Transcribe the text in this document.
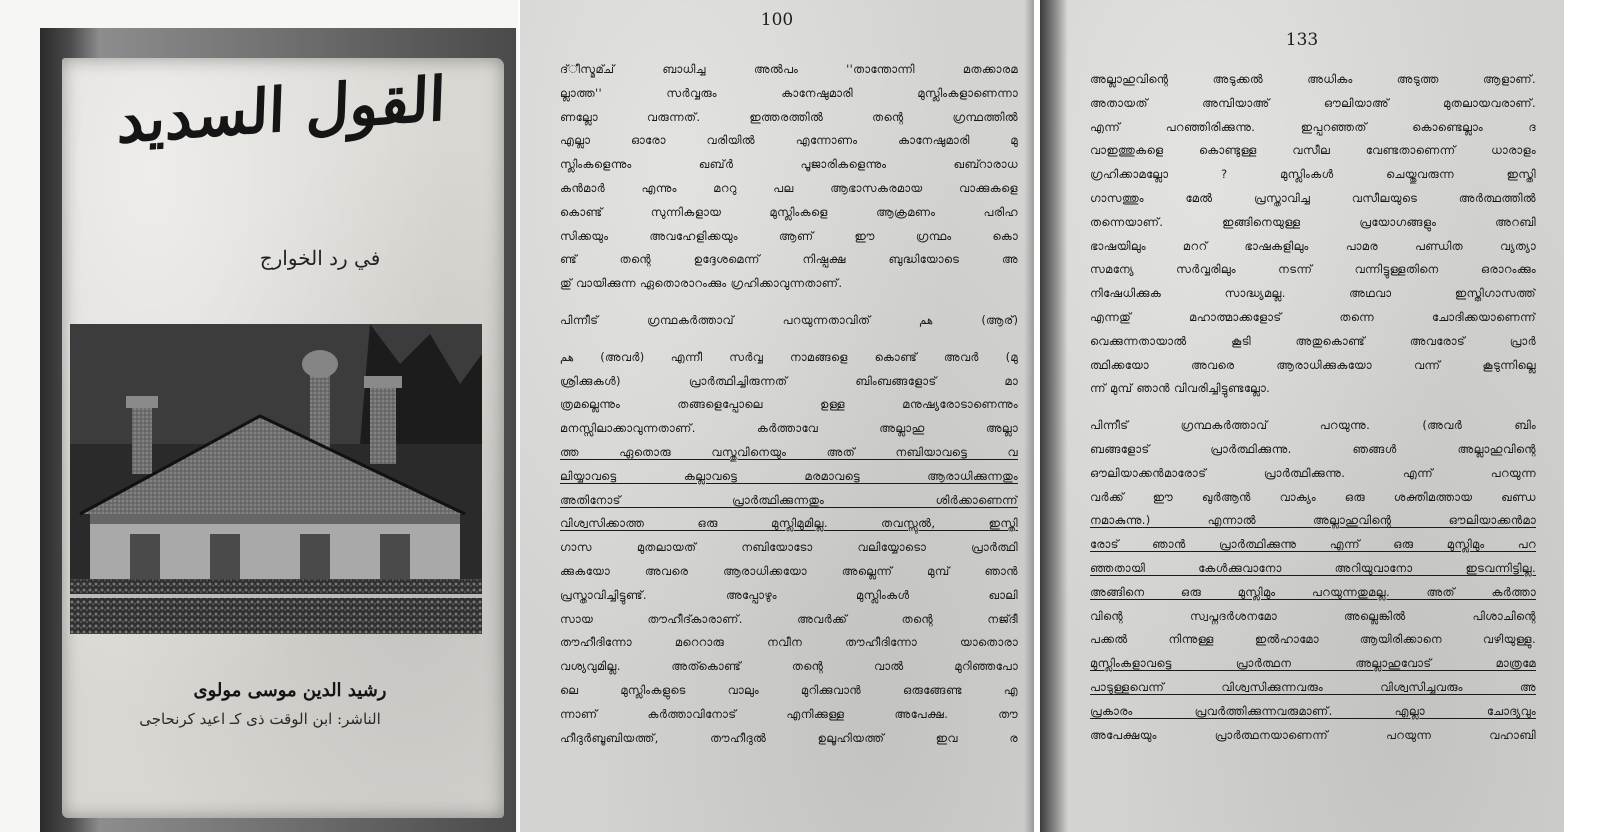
القول السديد
في رد الخوارج
رشيد الدين موسى مولوى
الناشر: ابن الوقت ذى كـ اعيد كرنحاجى
100
ദ്ീസ്മമ്ച് ബാധിച്ച അൽപം ''താന്തോന്നി മതക്കാരമ
ല്ലാത്ത'' സർവ്വരും കാനേഷുമാരി മുസ്ലിംകളാണെന്നാ
ണല്ലോ വരുന്നത്. ഇത്തരത്തിൽ തന്റെ ഗ്രന്ഥത്തിൽ
എല്ലാ ഓരോ വരിയിൽ എന്നോണം കാനേഷുമാരി മു
സ്ലിംകളെന്നും ഖബ്ർ പൂജാരികളെന്നും ഖബ്റാരാധ
കൻമാർ എന്നും മററു പല ആഭാസകരമായ വാക്കുകളെ
കൊണ്ട് സുന്നികളായ മുസ്ലിംകളെ ആക്രമണം പരിഹ
സിക്കയും അവഹേളിക്കയും ആണ് ഈ ഗ്രന്ഥം കൊ
ണ്ട് തന്റെ ഉദ്ദേശമെന്ന് നിഷ്പക്ഷ ബുദ്ധിയോടെ അ
തു് വായിക്കുന്ന ഏതൊരാറംക്കും ഗ്രഹിക്കാവുന്നതാണ്.
പിന്നീട് ഗ്രന്ഥകർത്താവ് പറയുന്നതാവിത് هم (ആര്)
هم (അവർ) എന്നീ സർവ്വ നാമങ്ങളെ കൊണ്ട് അവർ (മു
ശ്രിക്കുകൾ) പ്രാർത്ഥിച്ചിരുന്നത് ബിംബങ്ങളോട് മാ
ത്രമല്ലെന്നും തങ്ങളെപ്പോലെ ഉള്ള മനുഷ്യരോടാണെന്നും
മനസ്സിലാക്കാവുന്നതാണ്. കർത്താവേ അല്ലാഹു അല്ലാ
ത്ത ഏതൊരു വസ്തുവിനെയും അത് നബിയാവട്ടെ വ
ലിയ്യാവട്ടെ കല്ലാവട്ടെ മരമാവട്ടെ ആരാധിക്കുന്നതും
അതിനോട് പ്രാർത്ഥിക്കുന്നതും ശിർക്കാണെന്ന്
വിശ്വസിക്കാത്ത ഒരു മുസ്ലിമുമില്ല. തവസ്സുൽ, ഇസ്തി
ഗാസ മുതലായത് നബിയോടോ വലിയ്യോടൊ പ്രാർത്ഥി
ക്കുകയോ അവരെ ആരാധിക്കയോ അല്ലെന്ന് മുമ്പ് ഞാൻ
പ്രസ്താവിച്ചിട്ടുണ്ട്. അപ്പോഴും മുസ്ലിംകൾ ഖാലി
സായ തൗഹീദ്കാരാണ്. അവർക്ക് തന്റെ നജ്ദീ
തൗഹീദിന്നോ മറെറാരു നവീന തൗഹീദിന്നോ യാതൊരാ
വശ്യവുമില്ല. അത്കൊണ്ട് തന്റെ വാൽ മുറിഞ്ഞപോ
ലെ മുസ്ലിംകളുടെ വാലും മുറിക്കുവാൻ ഒരുങ്ങേണ്ട എ
ന്നാണ് കർത്താവിനോട് എനിക്കുള്ള അപേക്ഷ. തൗ
ഹീദുർബൂബിയത്ത്, തൗഹീദുൽ ഉലൂഹിയത്ത് ഇവ ര
133
അല്ലാഹുവിന്റെ അടുക്കൽ അധികം അടുത്ത ആളാണ്.
അതായത് അമ്പിയാഅ് ഔലിയാഅ് മുതലായവരാണ്.
എന്ന് പറഞ്ഞിരിക്കുന്നു. ഇപ്പറഞ്ഞത് കൊണ്ടെല്ലാം ദ
വാഇത്തുകളെ കൊണ്ടുള്ള വസീല വേണ്ടതാണെന്ന് ധാരാളം
ഗ്രഹിക്കാമല്ലോ ? മുസ്ലിംകൾ ചെയ്തുവരുന്ന ഇസ്തി
ഗാസത്തും മേൽ പ്രസ്താവിച്ച വസീലയുടെ അർത്ഥത്തിൽ
തന്നെയാണ്. ഇങ്ങിനെയുള്ള പ്രയോഗങ്ങളും അറബി
ഭാഷയിലും മററ് ഭാഷകളിലും പാമര പണ്ഡിത വ്യത്യാ
സമന്യേ സർവ്വരിലും നടന്ന് വന്നിട്ടുള്ളതിനെ ഒരാറംക്കും
നിഷേധിക്കുക സാദ്ധ്യമല്ല. അഥവാ ഇസ്തിഗാസത്ത്
എന്നതു് മഹാത്മാക്കളോട് തന്നെ ചോദിക്കയാണെന്ന്
വെക്കുന്നതായാൽ കൂടി അതുകൊണ്ട് അവരോട് പ്രാർ
ത്ഥിക്കയോ അവരെ ആരാധിക്കുകയോ വന്ന് കൂടുന്നില്ലെ
ന്ന് മുമ്പ് ഞാൻ വിവരിച്ചിട്ടുണ്ടല്ലോ.
പിന്നീട് ഗ്രന്ഥകർത്താവ് പറയുന്നു. (അവർ ബിം
ബങ്ങളോട് പ്രാർത്ഥിക്കുന്നു. ഞങ്ങൾ അല്ലാഹുവിന്റെ
ഔലിയാക്കൻമാരോട് പ്രാർത്ഥിക്കുന്നു. എന്ന് പറയുന്ന
വർക്ക് ഈ ഖുർആൻ വാക്യം ഒരു ശക്തിമത്തായ ഖണ്ഡ
നമാകുന്നു.) എന്നാൽ അല്ലാഹുവിന്റെ ഔലിയാക്കൻമാ
രോട് ഞാൻ പ്രാർത്ഥിക്കുന്നു എന്ന് ഒരു മുസ്ലിമും പറ
ഞ്ഞതായി കേൾക്കുവാനോ അറിയുവാനോ ഇടവന്നിട്ടില്ല.
അങ്ങിനെ ഒരു മുസ്ലിമും പറയുന്നതുമല്ല. അത് കർത്താ
വിന്റെ സ്വപ്നദർശനമോ അല്ലെങ്കിൽ പിശാചിന്റെ
പക്കൽ നിന്നുള്ള ഇൽഹാമോ ആയിരിക്കാനെ വഴിയുള്ളു.
മുസ്ലിംകളാവട്ടെ പ്രാർത്ഥന അല്ലാഹുവോട് മാത്രമേ
പാടുള്ളവെന്ന് വിശ്വസിക്കുന്നവരും വിശ്വസിച്ചവരും അ
പ്രകാരം പ്രവർത്തിക്കുന്നവരുമാണ്. എല്ലാ ചോദ്യവും
അപേക്ഷയും പ്രാർത്ഥനയാണെന്ന് പറയുന്ന വഹാബി
